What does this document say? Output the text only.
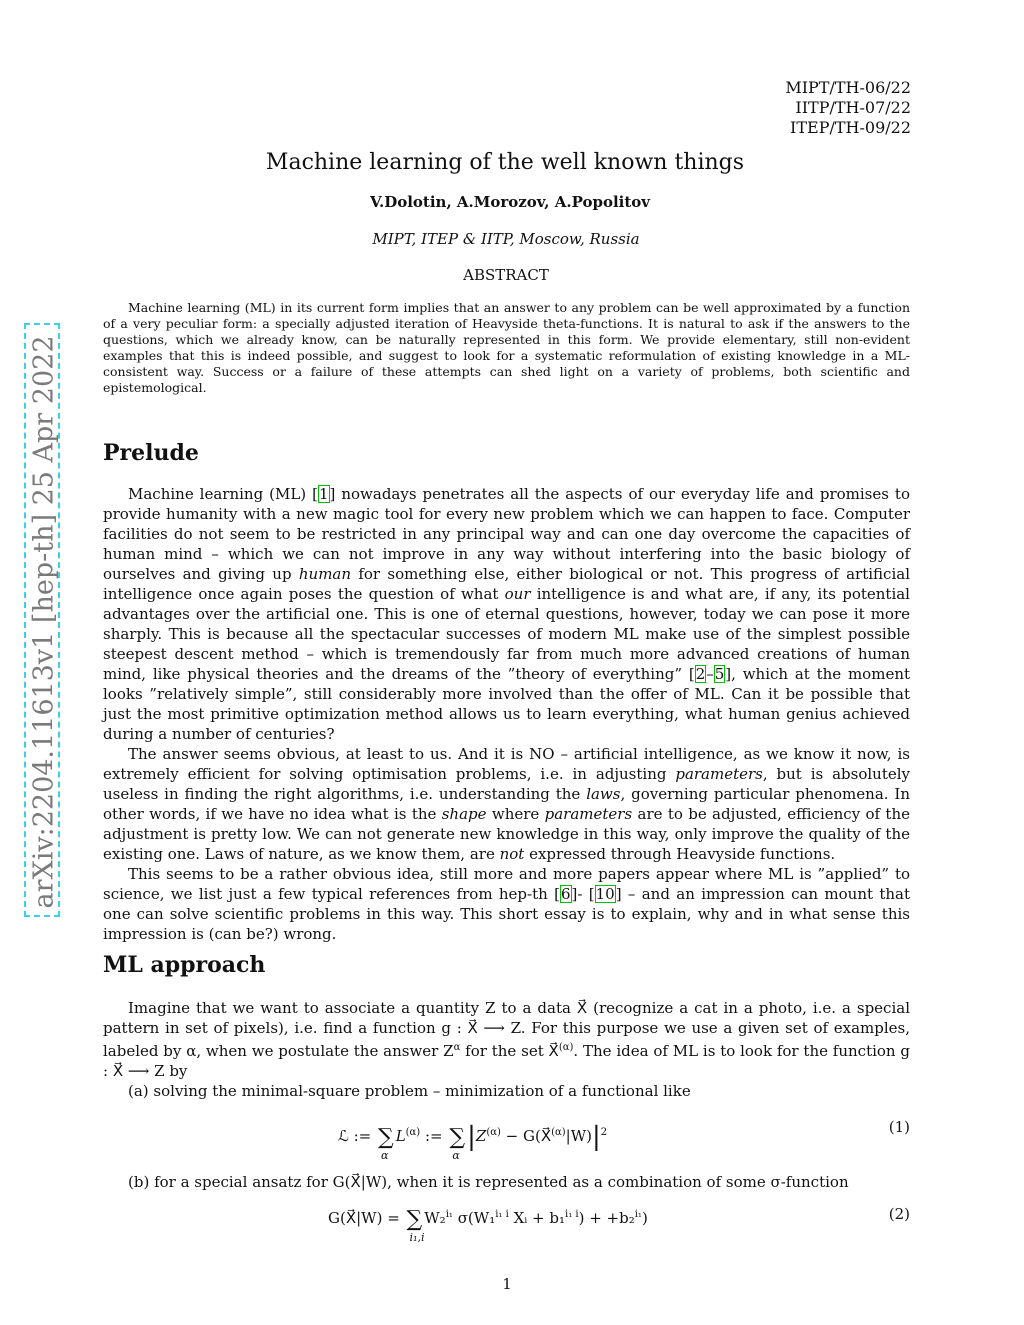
arXiv:2204.11613v1 [hep-th] 25 Apr 2022
MIPT/TH-06/22
IITP/TH-07/22
ITEP/TH-09/22
Machine learning of the well known things
V.Dolotin, A.Morozov, A.Popolitov
MIPT, ITEP & IITP, Moscow, Russia
ABSTRACT

Machine learning (ML) in its current form implies that an answer to any problem can be well approximated by a function of a very peculiar form: a specially adjusted iteration of Heavyside theta-functions. It is natural to ask if the answers to the questions, which we already know, can be naturally represented in this form. We provide elementary, still non-evident examples that this is indeed possible, and suggest to look for a systematic reformulation of existing knowledge in a ML-consistent way. Success or a failure of these attempts can shed light on a variety of problems, both scientific and epistemological.

Prelude

Machine learning (ML) [1] nowadays penetrates all the aspects of our everyday life and promises to provide humanity with a new magic tool for every new problem which we can happen to face. Computer facilities do not seem to be restricted in any principal way and can one day overcome the capacities of human mind – which we can not improve in any way without interfering into the basic biology of ourselves and giving up human for something else, either biological or not. This progress of artificial intelligence once again poses the question of what our intelligence is and what are, if any, its potential advantages over the artificial one. This is one of eternal questions, however, today we can pose it more sharply. This is because all the spectacular successes of modern ML make use of the simplest possible steepest descent method – which is tremendously far from much more advanced creations of human mind, like physical theories and the dreams of the ”theory of everything” [2–5], which at the moment looks ”relatively simple”, still considerably more involved than the offer of ML. Can it be possible that just the most primitive optimization method allows us to learn everything, what human genius achieved during a number of centuries?

The answer seems obvious, at least to us. And it is NO – artificial intelligence, as we know it now, is extremely efficient for solving optimisation problems, i.e. in adjusting parameters, but is absolutely useless in finding the right algorithms, i.e. understanding the laws, governing particular phenomena. In other words, if we have no idea what is the shape where parameters are to be adjusted, efficiency of the adjustment is pretty low. We can not generate new knowledge in this way, only improve the quality of the existing one. Laws of nature, as we know them, are not expressed through Heavyside functions.

This seems to be a rather obvious idea, still more and more papers appear where ML is ”applied” to science, we list just a few typical references from hep-th [6]- [10] – and an impression can mount that one can solve scientific problems in this way. This short essay is to explain, why and in what sense this impression is (can be?) wrong.

ML approach

Imagine that we want to associate a quantity Z to a data X⃗ (recognize a cat in a photo, i.e. a special pattern in set of pixels), i.e. find a function g : X⃗ ⟶ Z. For this purpose we use a given set of examples, labeled by α, when we postulate the answer $Z^\alpha$ for the set X⃗$^{(\alpha)}$. The idea of ML is to look for the function g : X⃗ ⟶ Z by

(a) solving the minimal-square problem – minimization of a functional like

ℒ := ∑
α
$L^{(\alpha)}$ := ∑
α
$|Z^{(\alpha)}$ − $G(X⃗^{(\alpha)}|W)|^2$	(1)

(b) for a special ansatz for G(X⃗|W), when it is represented as a combination of some σ-function

G(X⃗|W) = ∑
i₁,i
W₂$^{i_1}$ σ(W₁$^{i_1 i}$ Xᵢ + b₁$^{i_1 i}$) + +b₂$^{i_1}$)	(2)
1
